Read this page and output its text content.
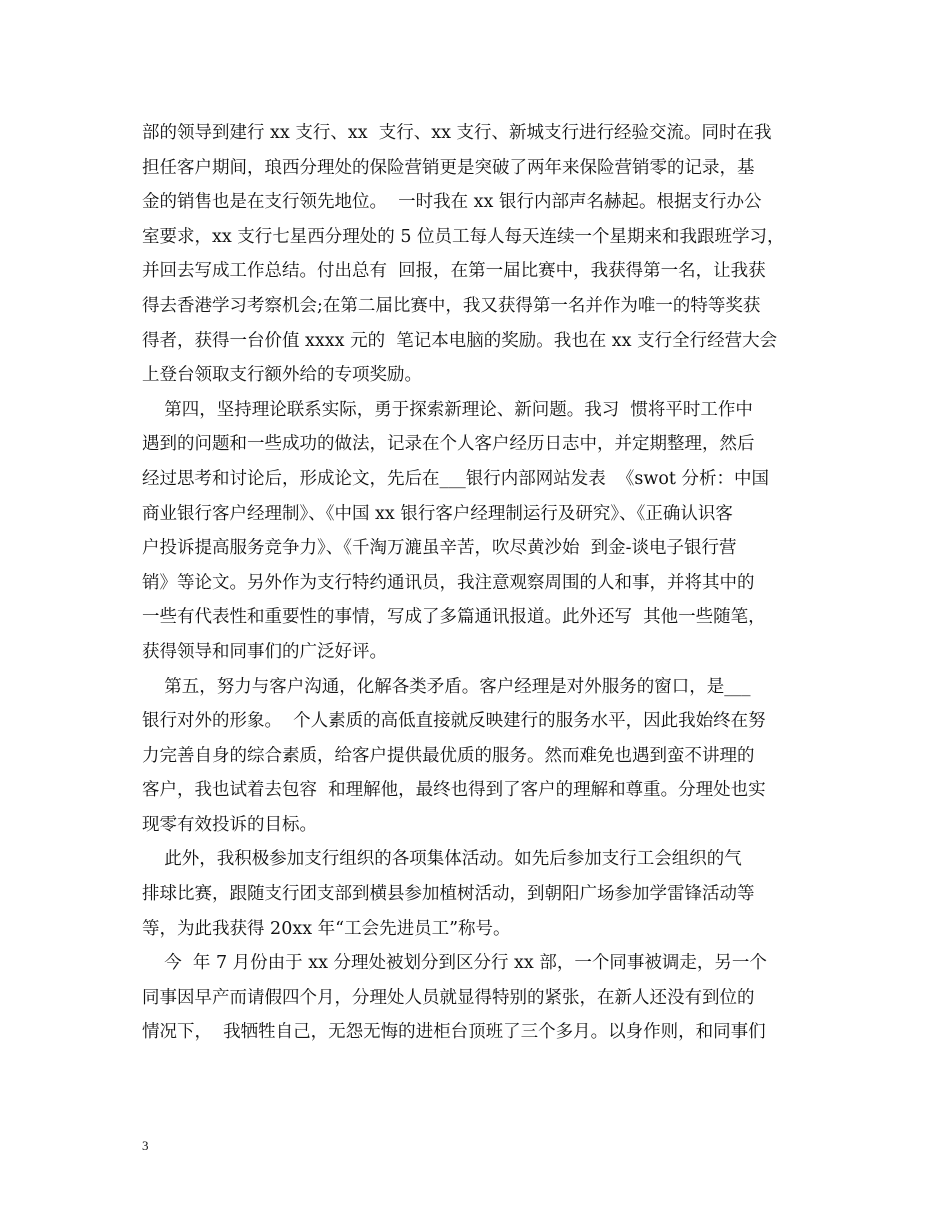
部的领导到建行 xx 支行、xx  支行、xx 支行、新城支行进行经验交流。同时在我
担任客户期间，琅西分理处的保险营销更是突破了两年来保险营销零的记录，基
金的销售也是在支行领先地位。  一时我在 xx 银行内部声名赫起。根据支行办公
室要求，xx 支行七星西分理处的 5 位员工每人每天连续一个星期来和我跟班学习，
并回去写成工作总结。付出总有  回报，在第一届比赛中，我获得第一名，让我获
得去香港学习考察机会;在第二届比赛中，我又获得第一名并作为唯一的特等奖获
得者，获得一台价值 xxxx 元的  笔记本电脑的奖励。我也在 xx 支行全行经营大会
上登台领取支行额外给的专项奖励。
第四，坚持理论联系实际，勇于探索新理论、新问题。我习  惯将平时工作中
遇到的问题和一些成功的做法，记录在个人客户经历日志中，并定期整理，然后
经过思考和讨论后，形成论文，先后在___银行内部网站发表  《swot 分析：中国
商业银行客户经理制》、《中国 xx 银行客户经理制运行及研究》、《正确认识客
户投诉提高服务竞争力》、《千淘万漉虽辛苦，吹尽黄沙始  到金-谈电子银行营
销》等论文。另外作为支行特约通讯员，我注意观察周围的人和事，并将其中的
一些有代表性和重要性的事情，写成了多篇通讯报道。此外还写  其他一些随笔，
获得领导和同事们的广泛好评。
第五，努力与客户沟通，化解各类矛盾。客户经理是对外服务的窗口，是___
银行对外的形象。  个人素质的高低直接就反映建行的服务水平，因此我始终在努
力完善自身的综合素质，给客户提供最优质的服务。然而难免也遇到蛮不讲理的
客户，我也试着去包容  和理解他，最终也得到了客户的理解和尊重。分理处也实
现零有效投诉的目标。
此外，我积极参加支行组织的各项集体活动。如先后参加支行工会组织的气
排球比赛，跟随支行团支部到横县参加植树活动，到朝阳广场参加学雷锋活动等
等，为此我获得 20xx 年“工会先进员工”称号。
今  年 7 月份由于 xx 分理处被划分到区分行 xx 部，一个同事被调走，另一个
同事因早产而请假四个月，分理处人员就显得特别的紧张，在新人还没有到位的
情况下，  我牺牲自己，无怨无悔的进柜台顶班了三个多月。以身作则，和同事们
3
